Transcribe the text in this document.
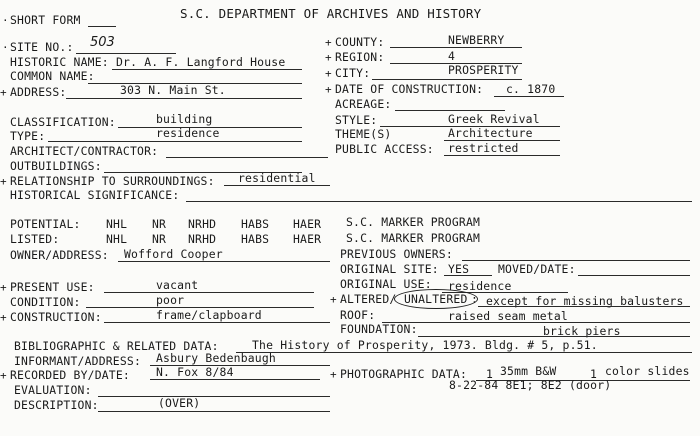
· SHORT FORM	S.C. DEPARTMENT OF ARCHIVES AND HISTORY
· SITE NO.: 503	+ COUNTY:	NEWBERRY
HISTORIC NAME: Dr. A. F. Langford House	+ REGION:	4
COMMON NAME:	+ CITY:	PROSPERITY
+ ADDRESS:	303 N. Main St.	+ DATE OF CONSTRUCTION: c. 1870
ACREAGE:
CLASSIFICATION:	building	STYLE:	Greek Revival
TYPE:	residence	THEME(S)	Architecture
ARCHITECT/CONTRACTOR:	PUBLIC ACCESS: restricted
OUTBUILDINGS:
+ RELATIONSHIP TO SURROUNDINGS: residential
HISTORICAL SIGNIFICANCE:
POTENTIAL: NHL NR NRHD HABS HAER S.C. MARKER PROGRAM
LISTED:	NHL NR NRHD HABS HAER S.C. MARKER PROGRAM
OWNER/ADDRESS: Wofford Cooper	PREVIOUS OWNERS:
ORIGINAL SITE: YES	MOVED/DATE:
+ PRESENT USE:	vacant	ORIGINAL USE: residence
CONDITION:	poor	+ ALTERED/ UNALTERED : except for missing balusters
+ CONSTRUCTION:	frame/clapboard	ROOF:	raised seam metal
FOUNDATION:	brick piers
BIBLIOGRAPHIC & RELATED DATA:	The History of Prosperity, 1973. Bldg. # 5, p.51.
INFORMANT/ADDRESS: Asbury Bedenbaugh
+ RECORDED BY/DATE: N. Fox 8/84	+ PHOTOGRAPHIC DATA: 1 35mm B&W	1 color slides
8-22-84 8E1; 8E2 (door)
EVALUATION:
DESCRIPTION:	(OVER)
